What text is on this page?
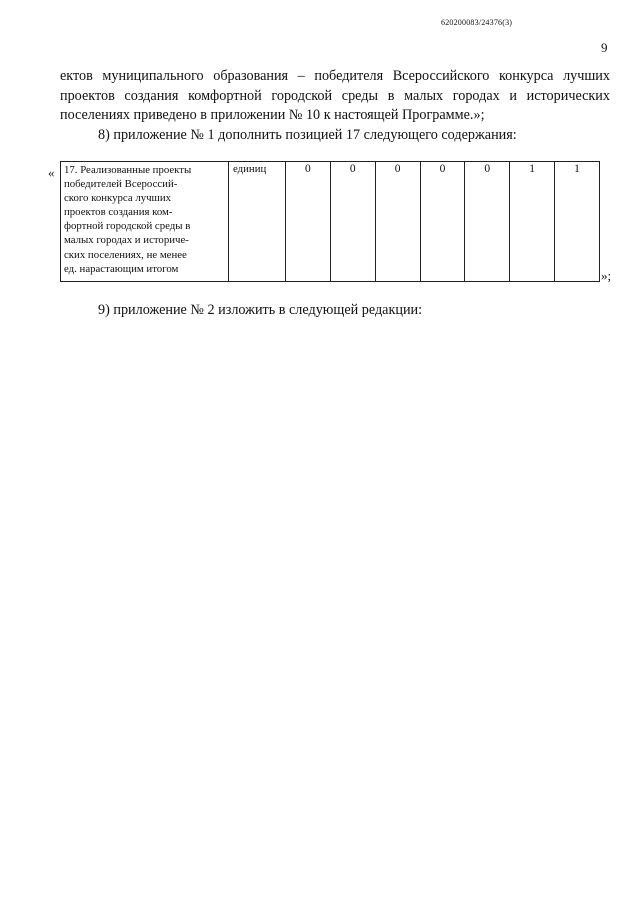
620200083/24376(3)
9
ектов муниципального образования – победителя Всероссийского конкурса лучших
проектов создания комфортной городской среды в малых городах и исторических
поселениях приведено в приложении № 10 к настоящей Программе.»;
8) приложение № 1 дополнить позицией 17 следующего содержания:
« 17. Реализованные проекты
победителей Всероссий-
ского конкурса лучших
проектов создания ком-
фортной городской среды в
малых городах и историче-
ских поселениях, не менее
ед. нарастающим итогом
	единиц	0	0	0	0	0	1	1
»;
9) приложение № 2 изложить в следующей редакции:
